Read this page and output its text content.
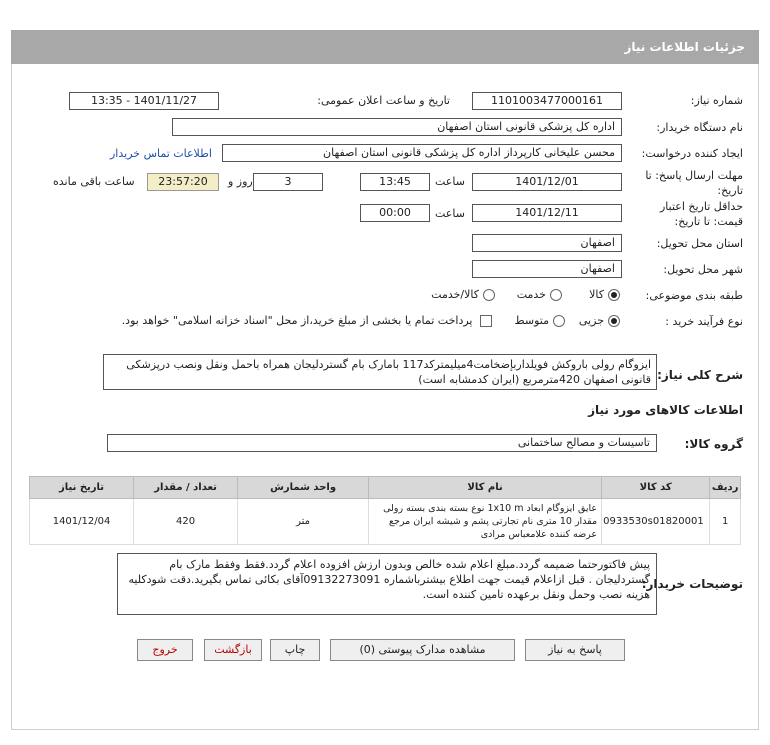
جزئیات اطلاعات نیاز
شماره نیاز:
1101003477000161
تاریخ و ساعت اعلان عمومی:
1401/11/27 - 13:35
نام دستگاه خریدار:
اداره کل پزشکی قانونی استان اصفهان
ایجاد کننده درخواست:
محسن علیخانی کارپرداز اداره کل پزشکی قانونی استان اصفهان
اطلاعات تماس خریدار
مهلت ارسال پاسخ: تا تاریخ:
1401/12/01
ساعت
13:45
3
روز و
23:57:20
ساعت باقی مانده
حداقل تاریخ اعتبار
قیمت: تا تاریخ:
1401/12/11
ساعت
00:00
استان محل تحویل:
اصفهان
شهر محل تحویل:
اصفهان
طبقه بندی موضوعی:
کالا
خدمت
کالا/خدمت
نوع فرآیند خرید :
جزیی
متوسط
پرداخت تمام یا بخشی از مبلغ خرید،از محل "اسناد خزانه اسلامی" خواهد بود.
شرح کلی نیاز:
ایزوگام رولی باروکش فویلداربإضخامت4میلیمترکد117 بامارک بام گستردلیجان همراه باحمل ونقل ونصب درپزشکی قانونی اصفهان 420مترمربع (ایران کدمشابه است)
اطلاعات کالاهای مورد نیاز
گروه کالا:
تاسیسات و مصالح ساختمانی
ردیف	کد کالا	نام کالا	واحد شمارش	تعداد / مقدار	تاریخ نیاز
1	0933530s01820001	عایق ایزوگام ابعاد 1x10 m نوع بسته بندی بسته رولی مقدار 10 متری نام تجارتی پشم و شیشه ایران مرجع عرضه کننده علامعباس مرادی	متر	420	1401/12/04
توضیحات خریدار:
پیش فاکتورحتما ضمیمه گردد.مبلغ اعلام شده خالص وبدون ارزش افزوده اعلام گردد.فقط وفقط مارک بام گستردلیجان . قبل ازاعلام قیمت جهت اطلاع بیشترباشماره 09132273091آقای بکائی تماس بگیرید.دقت شودکلیه هزینه نصب وحمل ونقل برعهده تامین کننده است.
پاسخ به نیاز
مشاهده مدارک پیوستی (0)
چاپ
بازگشت
خروج
